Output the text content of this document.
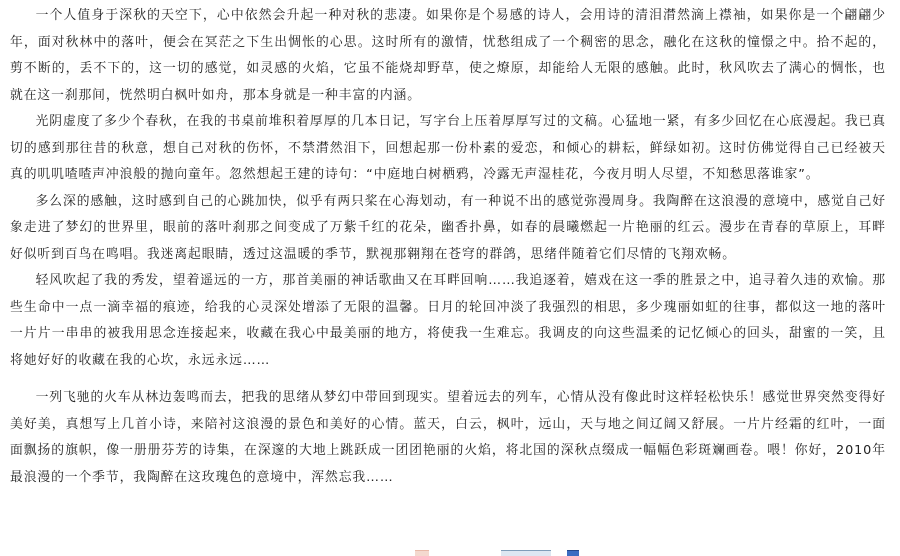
一个人值身于深秋的天空下，心中依然会升起一种对秋的悲凄。如果你是个易感的诗人，会用诗的清泪潸然滴上襟袖，如果你是一个翩翩少年，面对秋林中的落叶，便会在冥茫之下生出惆怅的心思。这时所有的激情，忧愁组成了一个稠密的思念，融化在这秋的憧憬之中。拾不起的，剪不断的，丢不下的，这一切的感觉，如灵感的火焰，它虽不能烧却野草，使之燎原，却能给人无限的感触。此时，秋风吹去了满心的惆怅，也就在这一刹那间，恍然明白枫叶如舟，那本身就是一种丰富的内涵。

光阴虚度了多少个春秋，在我的书桌前堆积着厚厚的几本日记，写字台上压着厚厚写过的文稿。心猛地一紧，有多少回忆在心底漫起。我已真切的感到那往昔的秋意，想自己对秋的伤怀，不禁潸然泪下，回想起那一份朴素的爱恋，和倾心的耕耘，鲜绿如初。这时仿佛觉得自己已经被天真的叽叽喳喳声冲浪般的抛向童年。忽然想起王建的诗句：“中庭地白树栖鸦，冷露无声湿桂花，今夜月明人尽望，不知愁思落谁家”。

多么深的感触，这时感到自己的心跳加快，似乎有两只桨在心海划动，有一种说不出的感觉弥漫周身。我陶醉在这浪漫的意境中，感觉自己好象走进了梦幻的世界里，眼前的落叶刹那之间变成了万紫千红的花朵，幽香扑鼻，如春的晨曦燃起一片艳丽的红云。漫步在青春的草原上，耳畔好似听到百鸟在鸣唱。我迷离起眼睛，透过这温暖的季节，默视那翱翔在苍穹的群鸽，思绪伴随着它们尽情的飞翔欢畅。

轻风吹起了我的秀发，望着遥远的一方，那首美丽的神话歌曲又在耳畔回响……我追逐着，嬉戏在这一季的胜景之中，追寻着久违的欢愉。那些生命中一点一滴幸福的痕迹，给我的心灵深处增添了无限的温馨。日月的轮回冲淡了我强烈的相思，多少瑰丽如虹的往事，都似这一地的落叶一片片一串串的被我用思念连接起来，收藏在我心中最美丽的地方，将使我一生难忘。我调皮的向这些温柔的记忆倾心的回头，甜蜜的一笑，且将她好好的收藏在我的心坎，永远永远……

一列飞驰的火车从林边轰鸣而去，把我的思绪从梦幻中带回到现实。望着远去的列车，心情从没有像此时这样轻松快乐！感觉世界突然变得好美好美，真想写上几首小诗，来陪衬这浪漫的景色和美好的心情。蓝天，白云，枫叶，远山，天与地之间辽阔又舒展。一片片经霜的红叶，一面面飘扬的旗帜，像一册册芬芳的诗集，在深邃的大地上跳跃成一团团艳丽的火焰，将北国的深秋点缀成一幅幅色彩斑斓画卷。喂！你好，2010年最浪漫的一个季节，我陶醉在这玫瑰色的意境中，浑然忘我……
